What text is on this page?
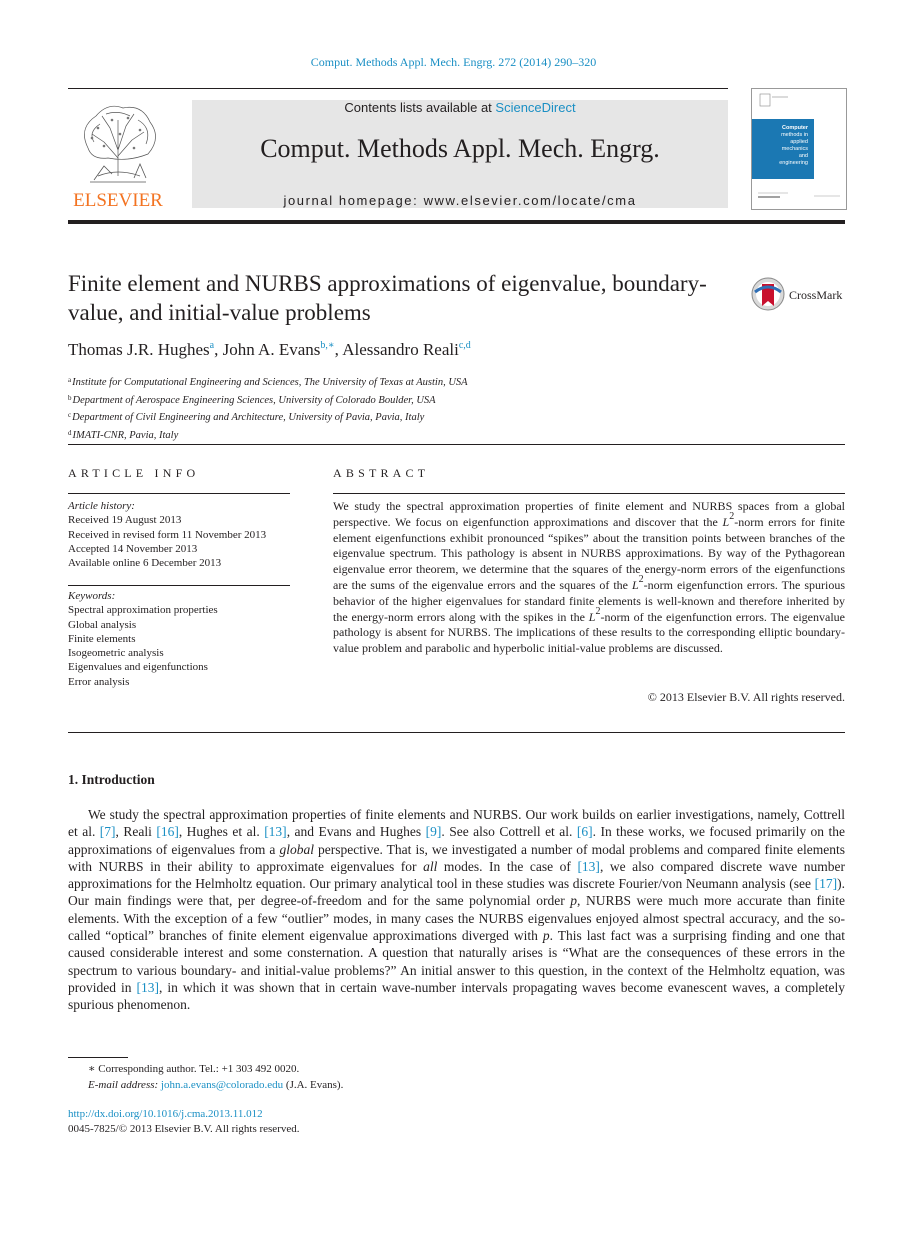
Comput. Methods Appl. Mech. Engrg. 272 (2014) 290–320
ELSEVIER
Contents lists available at ScienceDirect
Comput. Methods Appl. Mech. Engrg.
journal homepage: www.elsevier.com/locate/cma
Computer
methods in
applied
mechanics
and
engineering
Finite element and NURBS approximations of eigenvalue, boundary-value, and initial-value problems
CrossMark
Thomas J.R. Hughes$^a$, John A. Evans$^{b,∗}$, Alessandro Reali$^{c,d}$
$^a$Institute for Computational Engineering and Sciences, The University of Texas at Austin, USA
$^b$Department of Aerospace Engineering Sciences, University of Colorado Boulder, USA
$^c$Department of Civil Engineering and Architecture, University of Pavia, Pavia, Italy
$^d$IMATI-CNR, Pavia, Italy
ARTICLE INFO	ABSTRACT
Article history:
Received 19 August 2013
Received in revised form 11 November 2013
Accepted 14 November 2013
Available online 6 December 2013
Keywords:
Spectral approximation properties
Global analysis
Finite elements
Isogeometric analysis
Eigenvalues and eigenfunctions
Error analysis
We study the spectral approximation properties of finite element and NURBS spaces from a global perspective. We focus on eigenfunction approximations and discover that the $L^2$-norm errors for finite element eigenfunctions exhibit pronounced “spikes” about the transition points between branches of the eigenvalue spectrum. This pathology is absent in NURBS approximations. By way of the Pythagorean eigenvalue error theorem, we determine that the squares of the energy-norm errors of the eigenfunctions are the sums of the eigenvalue errors and the squares of the $L^2$-norm eigenfunction errors. The spurious behavior of the higher eigenvalues for standard finite elements is well-known and therefore inherited by the energy-norm errors along with the spikes in the $L^2$-norm of the eigenfunction errors. The eigenvalue pathology is absent for NURBS. The implications of these results to the corresponding elliptic boundary-value problem and parabolic and hyperbolic initial-value problems are discussed.
© 2013 Elsevier B.V. All rights reserved.
1. Introduction
We study the spectral approximation properties of finite elements and NURBS. Our work builds on earlier investigations, namely, Cottrell et al. [7], Reali [16], Hughes et al. [13], and Evans and Hughes [9]. See also Cottrell et al. [6]. In these works, we focused primarily on the approximations of eigenvalues from a global perspective. That is, we investigated a number of modal problems and compared finite elements with NURBS in their ability to approximate eigenvalues for all modes. In the case of [13], we also compared discrete wave number approximations for the Helmholtz equation. Our primary analytical tool in these studies was discrete Fourier/von Neumann analysis (see [17]). Our main findings were that, per degree-of-freedom and for the same polynomial order p, NURBS were much more accurate than finite elements. With the exception of a few “outlier” modes, in many cases the NURBS eigenvalues enjoyed almost spectral accuracy, and the so-called “optical” branches of finite element eigenvalue approximations diverged with p. This last fact was a surprising finding and one that caused considerable interest and some consternation. A question that naturally arises is “What are the consequences of these errors in the spectrum to various boundary- and initial-value problems?” An initial answer to this question, in the context of the Helmholtz equation, was provided in [13], in which it was shown that in certain wave-number intervals propagating waves become evanescent waves, a completely spurious phenomenon.
∗ Corresponding author. Tel.: +1 303 492 0020.
E-mail address: john.a.evans@colorado.edu (J.A. Evans).
http://dx.doi.org/10.1016/j.cma.2013.11.012
0045-7825/© 2013 Elsevier B.V. All rights reserved.
